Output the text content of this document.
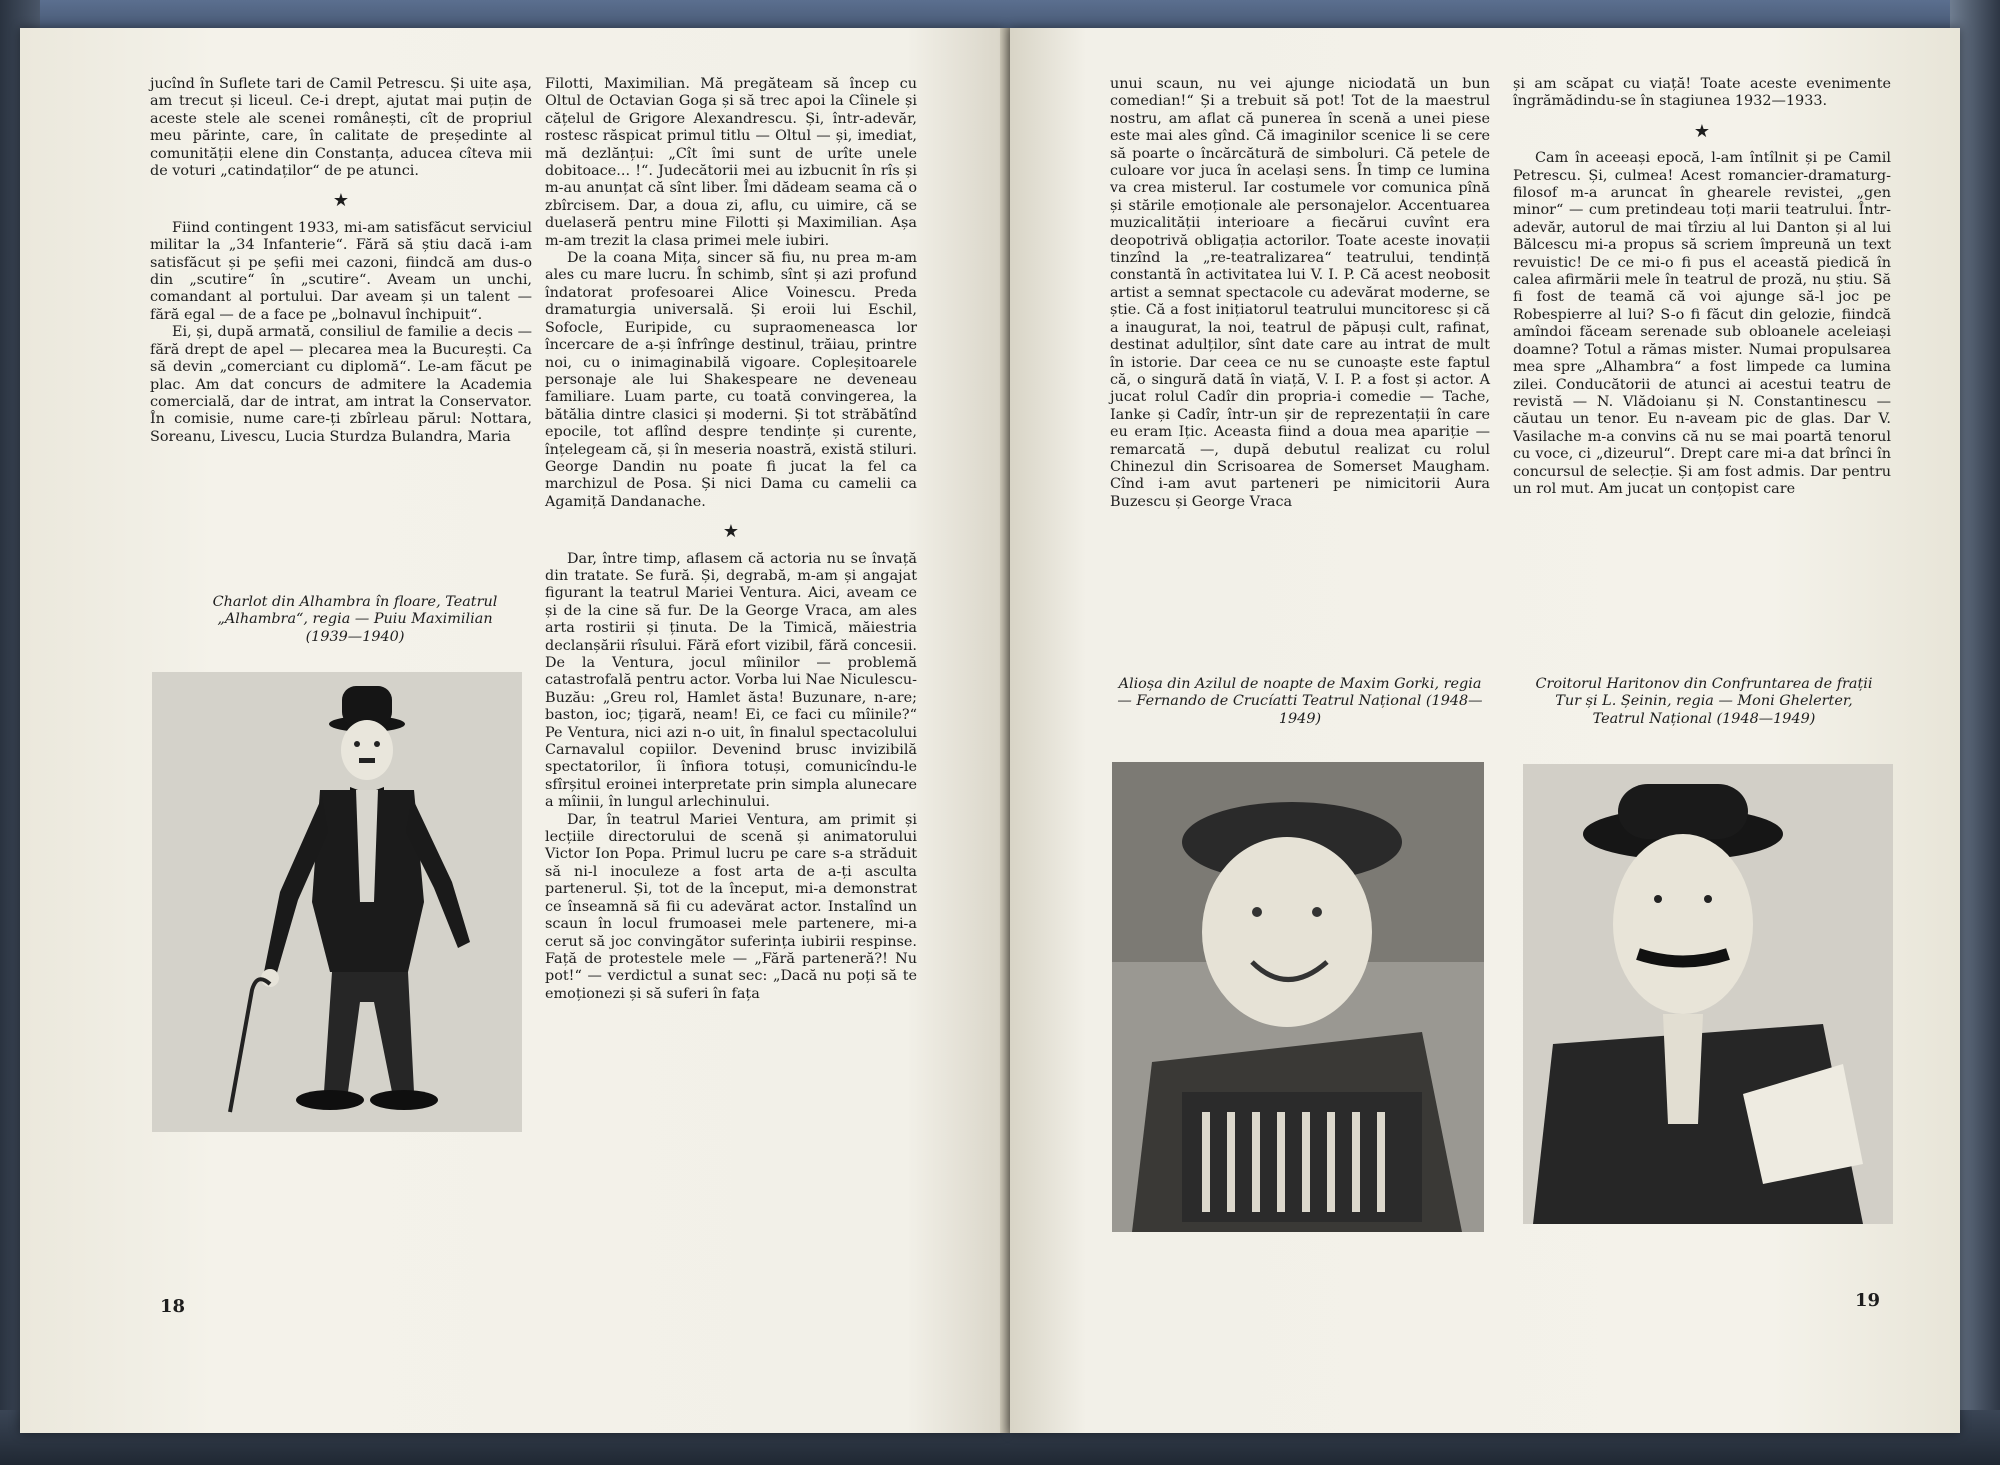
jucînd în Suflete tari de Camil Petrescu. Și uite așa, am trecut și liceul. Ce-i drept, ajutat mai puțin de aceste stele ale scenei românești, cît de propriul meu părinte, care, în calitate de președinte al comunității elene din Constanța, aducea cîteva mii de voturi „catindaților“ de pe atunci.

★

Fiind contingent 1933, mi-am satisfăcut serviciul militar la „34 Infanterie“. Fără să știu dacă i-am satisfăcut și pe șefii mei cazoni, fiindcă am dus-o din „scutire“ în „scutire“. Aveam un unchi, comandant al portului. Dar aveam și un talent — fără egal — de a face pe „bolnavul închipuit“.

Ei, și, după armată, consiliul de familie a decis — fără drept de apel — plecarea mea la București. Ca să devin „comerciant cu diplomă“. Le-am făcut pe plac. Am dat concurs de admitere la Academia comercială, dar de intrat, am intrat la Conservator. În comisie, nume care-ți zbîrleau părul: Nottara, Soreanu, Livescu, Lucia Sturdza Bulandra, Maria

Charlot din Alhambra în floare, Teatrul „Alhambra“, regia — Puiu Maximilian (1939—1940)

Filotti, Maximilian. Mă pregăteam să încep cu Oltul de Octavian Goga și să trec apoi la Cîinele și cățelul de Grigore Alexandrescu. Și, într-adevăr, rostesc răspicat primul titlu — Oltul — și, imediat, mă dezlănțui: „Cît îmi sunt de urîte unele dobitoace... !“. Judecătorii mei au izbucnit în rîs și m-au anunțat că sînt liber. Îmi dădeam seama că o zbîrcisem. Dar, a doua zi, aflu, cu uimire, că se duelaseră pentru mine Filotti și Maximilian. Așa m-am trezit la clasa primei mele iubiri.

De la coana Mița, sincer să fiu, nu prea m-am ales cu mare lucru. În schimb, sînt și azi profund îndatorat profesoarei Alice Voinescu. Preda dramaturgia universală. Și eroii lui Eschil, Sofocle, Euripide, cu supraomeneasca lor încercare de a-și înfrînge destinul, trăiau, printre noi, cu o inimaginabilă vigoare. Copleșitoarele personaje ale lui Shakespeare ne deveneau familiare. Luam parte, cu toată convingerea, la bătălia dintre clasici și moderni. Și tot străbătînd epocile, tot aflînd despre tendințe și curente, înțelegeam că, și în meseria noastră, există stiluri. George Dandin nu poate fi jucat la fel ca marchizul de Posa. Și nici Dama cu camelii ca Agamiță Dandanache.

★

Dar, între timp, aflasem că actoria nu se învață din tratate. Se fură. Și, degrabă, m-am și angajat figurant la teatrul Mariei Ventura. Aici, aveam ce și de la cine să fur. De la George Vraca, am ales arta rostirii și ținuta. De la Timică, măiestria declanșării rîsului. Fără efort vizibil, fără concesii. De la Ventura, jocul mîinilor — problemă catastrofală pentru actor. Vorba lui Nae Niculescu-Buzău: „Greu rol, Hamlet ăsta! Buzunare, n-are; baston, ioc; țigară, neam! Ei, ce faci cu mîinile?“ Pe Ventura, nici azi n-o uit, în finalul spectacolului Carnavalul copiilor. Devenind brusc invizibilă spectatorilor, îi înfiora totuși, comunicîndu-le sfîrșitul eroinei interpretate prin simpla alunecare a mîinii, în lungul arlechinului.

Dar, în teatrul Mariei Ventura, am primit și lecțiile directorului de scenă și animatorului Victor Ion Popa. Primul lucru pe care s-a străduit să ni-l inoculeze a fost arta de a-ți asculta partenerul. Și, tot de la început, mi-a demonstrat ce înseamnă să fii cu adevărat actor. Instalînd un scaun în locul frumoasei mele partenere, mi-a cerut să joc convingător suferința iubirii respinse. Față de protestele mele — „Fără parteneră?! Nu pot!“ — verdictul a sunat sec: „Dacă nu poți să te emoționezi și să suferi în fața

18

unui scaun, nu vei ajunge niciodată un bun comedian!“ Și a trebuit să pot! Tot de la maestrul nostru, am aflat că punerea în scenă a unei piese este mai ales gînd. Că imaginilor scenice li se cere să poarte o încărcătură de simboluri. Că petele de culoare vor juca în același sens. În timp ce lumina va crea misterul. Iar costumele vor comunica pînă și stările emoționale ale personajelor. Accentuarea muzicalității interioare a fiecărui cuvînt era deopotrivă obligația actorilor. Toate aceste inovații tinzînd la „re-teatralizarea“ teatrului, tendință constantă în activitatea lui V. I. P. Că acest neobosit artist a semnat spectacole cu adevărat moderne, se știe. Că a fost inițiatorul teatrului muncitoresc și că a inaugurat, la noi, teatrul de păpuși cult, rafinat, destinat adulților, sînt date care au intrat de mult în istorie. Dar ceea ce nu se cunoaște este faptul că, o singură dată în viață, V. I. P. a fost și actor. A jucat rolul Cadîr din propria-i comedie — Tache, Ianke și Cadîr, într-un șir de reprezentații în care eu eram Ițic. Aceasta fiind a doua mea apariție — remarcată —, după debutul realizat cu rolul Chinezul din Scrisoarea de Somerset Maugham. Cînd i-am avut parteneri pe nimicitorii Aura Buzescu și George Vraca

Alioșa din Azilul de noapte de Maxim Gorki, regia — Fernando de Crucíatti Teatrul Național (1948—1949)

și am scăpat cu viață! Toate aceste evenimente îngrămădindu-se în stagiunea 1932—1933.

★

Cam în aceeași epocă, l-am întîlnit și pe Camil Petrescu. Și, culmea! Acest romancier-dramaturg-filosof m-a aruncat în ghearele revistei, „gen minor“ — cum pretindeau toți marii teatrului. Într-adevăr, autorul de mai tîrziu al lui Danton și al lui Bălcescu mi-a propus să scriem împreună un text revuistic! De ce mi-o fi pus el această piedică în calea afirmării mele în teatrul de proză, nu știu. Să fi fost de teamă că voi ajunge să-l joc pe Robespierre al lui? S-o fi făcut din gelozie, fiindcă amîndoi făceam serenade sub obloanele aceleiași doamne? Totul a rămas mister. Numai propulsarea mea spre „Alhambra“ a fost limpede ca lumina zilei. Conducătorii de atunci ai acestui teatru de revistă — N. Vlădoianu și N. Constantinescu — căutau un tenor. Eu n-aveam pic de glas. Dar V. Vasilache m-a convins că nu se mai poartă tenorul cu voce, ci „dizeurul“. Drept care mi-a dat brînci în concursul de selecție. Și am fost admis. Dar pentru un rol mut. Am jucat un conțopist care

Croitorul Haritonov din Confruntarea de frații Tur și L. Șeinin, regia — Moni Ghelerter, Teatrul Național (1948—1949)
19
